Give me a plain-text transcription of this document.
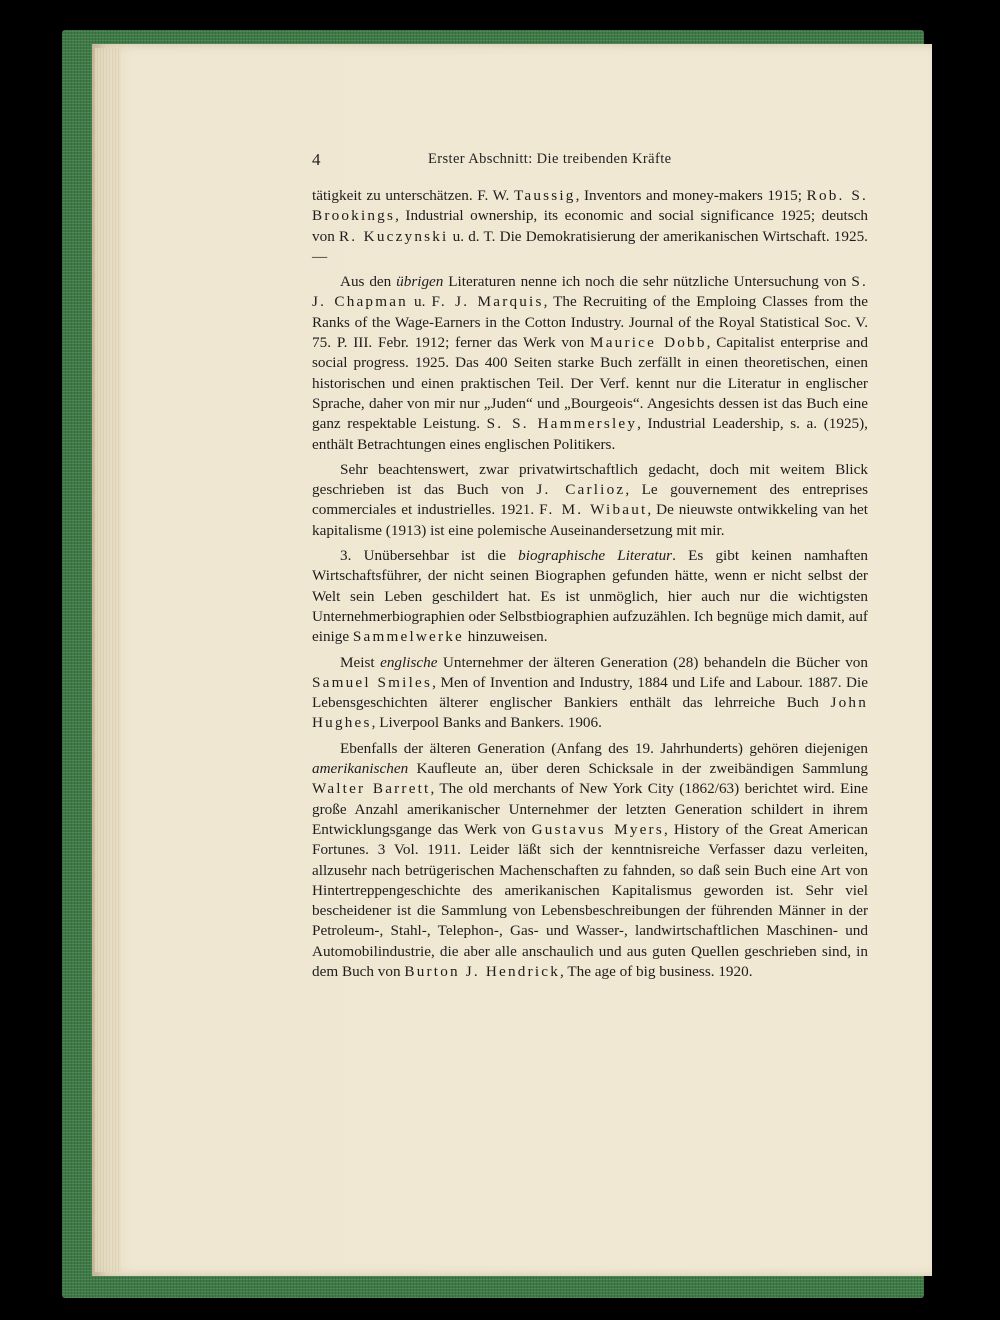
4	Erster Abschnitt: Die treibenden Kräfte

tätigkeit zu unterschätzen. F. W. Taussig, Inventors and money-makers 1915; Rob. S. Brookings, Industrial ownership, its economic and social significance 1925; deutsch von R. Kuczynski u. d. T. Die Demokratisierung der amerikanischen Wirtschaft. 1925. —

Aus den übrigen Literaturen nenne ich noch die sehr nützliche Untersuchung von S. J. Chapman u. F. J. Marquis, The Recruiting of the Emploing Classes from the Ranks of the Wage-Earners in the Cotton Industry. Journal of the Royal Statistical Soc. V. 75. P. III. Febr. 1912; ferner das Werk von Maurice Dobb, Capitalist enterprise and social progress. 1925. Das 400 Seiten starke Buch zerfällt in einen theoretischen, einen historischen und einen praktischen Teil. Der Verf. kennt nur die Literatur in englischer Sprache, daher von mir nur „Juden“ und „Bourgeois“. Angesichts dessen ist das Buch eine ganz respektable Leistung. S. S. Hammersley, Industrial Leadership, s. a. (1925), enthält Betrachtungen eines englischen Politikers.

Sehr beachtenswert, zwar privatwirtschaftlich gedacht, doch mit weitem Blick geschrieben ist das Buch von J. Carlioz, Le gouvernement des entreprises commerciales et industrielles. 1921. F. M. Wibaut, De nieuwste ontwikkeling van het kapitalisme (1913) ist eine polemische Auseinandersetzung mit mir.

3. Unübersehbar ist die biographische Literatur. Es gibt keinen namhaften Wirtschaftsführer, der nicht seinen Biographen gefunden hätte, wenn er nicht selbst der Welt sein Leben geschildert hat. Es ist unmöglich, hier auch nur die wichtigsten Unternehmerbiographien oder Selbstbiographien aufzuzählen. Ich begnüge mich damit, auf einige Sammelwerke hinzuweisen.

Meist englische Unternehmer der älteren Generation (28) behandeln die Bücher von Samuel Smiles, Men of Invention and Industry, 1884 und Life and Labour. 1887. Die Lebensgeschichten älterer englischer Bankiers enthält das lehrreiche Buch John Hughes, Liverpool Banks and Bankers. 1906.

Ebenfalls der älteren Generation (Anfang des 19. Jahrhunderts) gehören diejenigen amerikanischen Kaufleute an, über deren Schicksale in der zweibändigen Sammlung Walter Barrett, The old merchants of New York City (1862/63) berichtet wird. Eine große Anzahl amerikanischer Unternehmer der letzten Generation schildert in ihrem Entwicklungsgange das Werk von Gustavus Myers, History of the Great American Fortunes. 3 Vol. 1911. Leider läßt sich der kenntnisreiche Verfasser dazu verleiten, allzusehr nach betrügerischen Machenschaften zu fahnden, so daß sein Buch eine Art von Hintertreppengeschichte des amerikanischen Kapitalismus geworden ist. Sehr viel bescheidener ist die Sammlung von Lebensbeschreibungen der führenden Männer in der Petroleum-, Stahl-, Telephon-, Gas- und Wasser-, landwirtschaftlichen Maschinen- und Automobilindustrie, die aber alle anschaulich und aus guten Quellen geschrieben sind, in dem Buch von Burton J. Hendrick, The age of big business. 1920.
